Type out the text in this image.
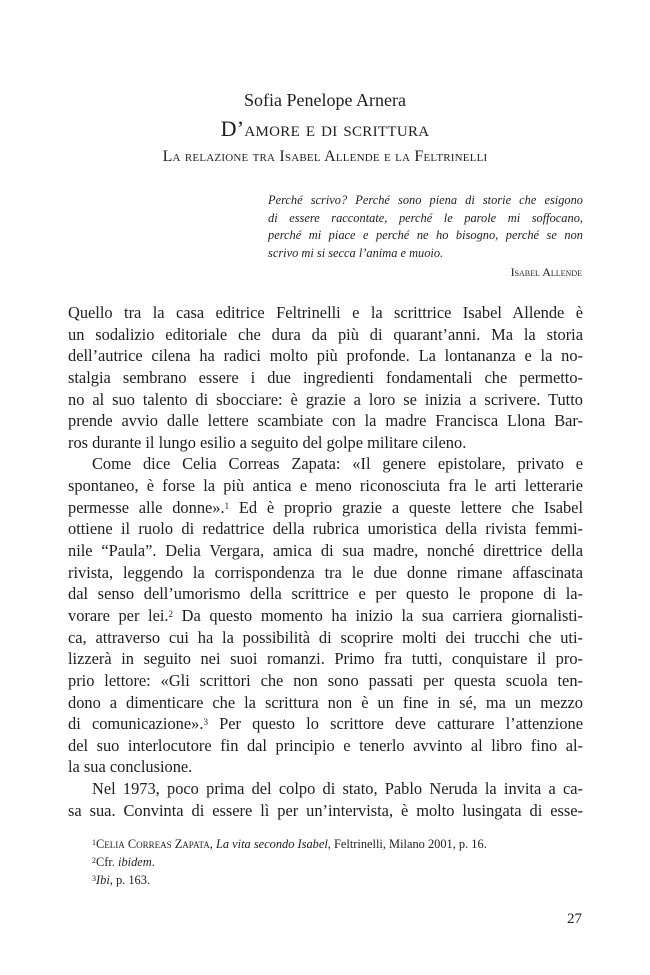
Sofia Penelope Arnera
D’amore e di scrittura
La relazione tra Isabel Allende e la Feltrinelli
Perché scrivo? Perché sono piena di storie che esigono
di essere raccontate, perché le parole mi soffocano,
perché mi piace e perché ne ho bisogno, perché se non
scrivo mi si secca l’anima e muoio.
Isabel Allende
Quello tra la casa editrice Feltrinelli e la scrittrice Isabel Allende è
un sodalizio editoriale che dura da più di quarant’anni. Ma la storia
dell’autrice cilena ha radici molto più profonde. La lontananza e la no-
stalgia sembrano essere i due ingredienti fondamentali che permetto-
no al suo talento di sbocciare: è grazie a loro se inizia a scrivere. Tutto
prende avvio dalle lettere scambiate con la madre Francisca Llona Bar-
ros durante il lungo esilio a seguito del golpe militare cileno.
Come dice Celia Correas Zapata: «Il genere epistolare, privato e
spontaneo, è forse la più antica e meno riconosciuta fra le arti letterarie
permesse alle donne».$^1$ Ed è proprio grazie a queste lettere che Isabel
ottiene il ruolo di redattrice della rubrica umoristica della rivista femmi-
nile “Paula”. Delia Vergara, amica di sua madre, nonché direttrice della
rivista, leggendo la corrispondenza tra le due donne rimane affascinata
dal senso dell’umorismo della scrittrice e per questo le propone di la-
vorare per lei.$^2$ Da questo momento ha inizio la sua carriera giornalisti-
ca, attraverso cui ha la possibilità di scoprire molti dei trucchi che uti-
lizzerà in seguito nei suoi romanzi. Primo fra tutti, conquistare il pro-
prio lettore: «Gli scrittori che non sono passati per questa scuola ten-
dono a dimenticare che la scrittura non è un fine in sé, ma un mezzo
di comunicazione».$^3$ Per questo lo scrittore deve catturare l’attenzione
del suo interlocutore fin dal principio e tenerlo avvinto al libro fino al-
la sua conclusione.
Nel 1973, poco prima del colpo di stato, Pablo Neruda la invita a ca-
sa sua. Convinta di essere lì per un’intervista, è molto lusingata di esse-
$^1$Celia Correas Zapata, La vita secondo Isabel, Feltrinelli, Milano 2001, p. 16.
$^2$Cfr. ibidem.
$^3$Ibi, p. 163.
27
